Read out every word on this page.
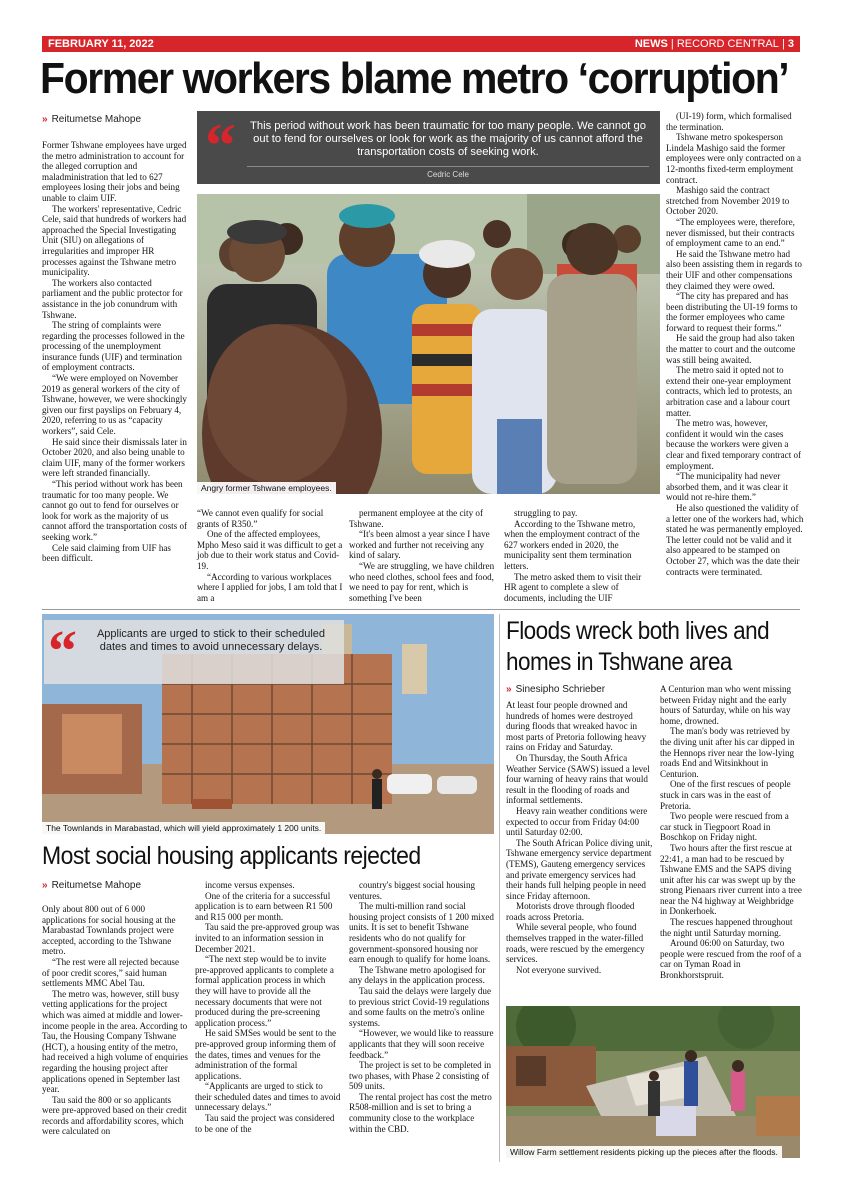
FEBRUARY 11, 2022	NEWS | RECORD CENTRAL | 3
Former workers blame metro ‘corruption’
» Reitumetse Mahope

Former Tshwane employees have urged the metro administration to account for the alleged corruption and maladministration that led to 627 employees losing their jobs and being unable to claim UIF.

The workers' representative, Cedric Cele, said that hundreds of workers had approached the Special Investigating Unit (SIU) on allegations of irregularities and improper HR processes against the Tshwane metro municipality.

The workers also contacted parliament and the public protector for assistance in the job conundrum with Tshwane.

The string of complaints were regarding the processes followed in the processing of the unemployment insurance funds (UIF) and termination of employment contracts.

“We were employed on November 2019 as general workers of the city of Tshwane, however, we were shockingly given our first payslips on February 4, 2020, referring to us as “capacity workers”, said Cele.

He said since their dismissals later in October 2020, and also being unable to claim UIF, many of the former workers were left stranded financially.

“This period without work has been traumatic for too many people. We cannot go out to fend for ourselves or look for work as the majority of us cannot afford the transportation costs of seeking work.”

Cele said claiming from UIF has been difficult.

“ This period without work has been traumatic for too many people. We cannot go out to fend for ourselves or look for work as the majority of us cannot afford the transportation costs of seeking work.
Cedric Cele
Angry former Tshwane employees.

“We cannot even qualify for social grants of R350.”

One of the affected employees, Mpho Meso said it was difficult to get a job due to their work status and Covid-19.

“According to various workplaces where I applied for jobs, I am told that I am a

permanent employee at the city of Tshwane.

“It's been almost a year since I have worked and further not receiving any kind of salary.

“We are struggling, we have children who need clothes, school fees and food, we need to pay for rent, which is something I've been

struggling to pay.

According to the Tshwane metro, when the employment contract of the 627 workers ended in 2020, the municipality sent them termination letters.

The metro asked them to visit their HR agent to complete a slew of documents, including the UIF

(UI-19) form, which formalised the termination.

Tshwane metro spokesperson Lindela Mashigo said the former employees were only contracted on a 12-months fixed-term employment contract.

Mashigo said the contract stretched from November 2019 to October 2020.

“The employees were, therefore, never dismissed, but their contracts of employment came to an end.”

He said the Tshwane metro had also been assisting them in regards to their UIF and other compensations they claimed they were owed.

“The city has prepared and has been distributing the UI-19 forms to the former employees who came forward to request their forms.”

He said the group had also taken the matter to court and the outcome was still being awaited.

The metro said it opted not to extend their one-year employment contracts, which led to protests, an arbitration case and a labour court matter.

The metro was, however, confident it would win the cases because the workers were given a clear and fixed temporary contract of employment.

“The municipality had never absorbed them, and it was clear it would not re-hire them.”

He also questioned the validity of a letter one of the workers had, which stated he was permanently employed. The letter could not be valid and it also appeared to be stamped on October 27, which was the date their contracts were terminated.

“	Applicants are urged to stick to their scheduled dates and times to avoid unnecessary delays.
The Townlands in Marabastad, which will yield approximately 1 200 units.
Most social housing applicants rejected
» Reitumetse Mahope

Only about 800 out of 6 000 applications for social housing at the Marabastad Townlands project were accepted, according to the Tshwane metro.

“The rest were all rejected because of poor credit scores,” said human settlements MMC Abel Tau.

The metro was, however, still busy vetting applications for the project which was aimed at middle and lower-income people in the area. According to Tau, the Housing Company Tshwane (HCT), a housing entity of the metro, had received a high volume of enquiries regarding the housing project after applications opened in September last year.

Tau said the 800 or so applicants were pre-approved based on their credit records and affordability scores, which were calculated on

income versus expenses.

One of the criteria for a successful application is to earn between R1 500 and R15 000 per month.

Tau said the pre-approved group was invited to an information session in December 2021.

“The next step would be to invite pre-approved applicants to complete a formal application process in which they will have to provide all the necessary documents that were not produced during the pre-screening application process.”

He said SMSes would be sent to the pre-approved group informing them of the dates, times and venues for the administration of the formal applications.

“Applicants are urged to stick to their scheduled dates and times to avoid unnecessary delays.”

Tau said the project was considered to be one of the

country's biggest social housing ventures.

The multi-million rand social housing project consists of 1 200 mixed units. It is set to benefit Tshwane residents who do not qualify for government-sponsored housing nor earn enough to qualify for home loans.

The Tshwane metro apologised for any delays in the application process.

Tau said the delays were largely due to previous strict Covid-19 regulations and some faults on the metro's online systems.

“However, we would like to reassure applicants that they will soon receive feedback.”

The project is set to be completed in two phases, with Phase 2 consisting of 509 units.

The rental project has cost the metro R508-million and is set to bring a community close to the workplace within the CBD.

Floods wreck both lives and
homes in Tshwane area
» Sinesipho Schrieber

At least four people drowned and hundreds of homes were destroyed during floods that wreaked havoc in most parts of Pretoria following heavy rains on Friday and Saturday.

On Thursday, the South Africa Weather Service (SAWS) issued a level four warning of heavy rains that would result in the flooding of roads and informal settlements.

Heavy rain weather conditions were expected to occur from Friday 04:00 until Saturday 02:00.

The South African Police diving unit, Tshwane emergency service department (TEMS), Gauteng emergency services and private emergency services had their hands full helping people in need since Friday afternoon.

Motorists drove through flooded roads across Pretoria.

While several people, who found themselves trapped in the water-filled roads, were rescued by the emergency services.

Not everyone survived.

A Centurion man who went missing between Friday night and the early hours of Saturday, while on his way home, drowned.

The man's body was retrieved by the diving unit after his car dipped in the Hennops river near the low-lying roads End and Witsinkhout in Centurion.

One of the first rescues of people stuck in cars was in the east of Pretoria.

Two people were rescued from a car stuck in Tiegpoort Road in Boschkop on Friday night.

Two hours after the first rescue at 22:41, a man had to be rescued by Tshwane EMS and the SAPS diving unit after his car was swept up by the strong Pienaars river current into a tree near the N4 highway at Weighbridge in Donkerhoek.

The rescues happened throughout the night until Saturday morning.

Around 06:00 on Saturday, two people were rescued from the roof of a car on Tyman Road in Bronkhorstspruit.

Willow Farm settlement residents picking up the pieces after the floods.
